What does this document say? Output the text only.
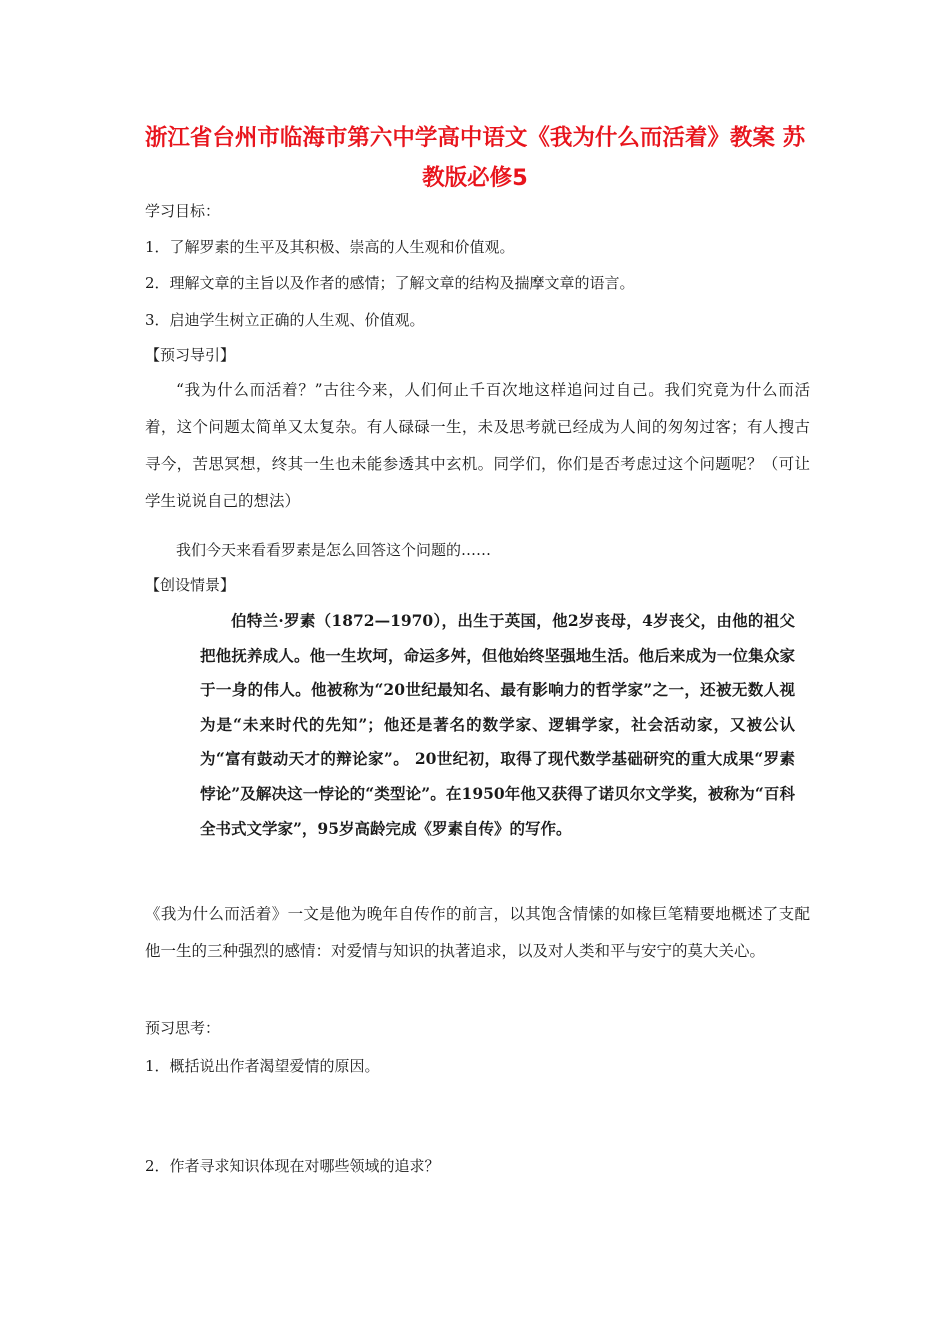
浙江省台州市临海市第六中学高中语文《我为什么而活着》教案 苏教版必修5
学习目标：
1．了解罗素的生平及其积极、崇高的人生观和价值观。
2．理解文章的主旨以及作者的感情；了解文章的结构及揣摩文章的语言。
3．启迪学生树立正确的人生观、价值观。
【预习导引】
“我为什么而活着？”古往今来，人们何止千百次地这样追问过自己。我们究竟为什么而活着，这个问题太简单又太复杂。有人碌碌一生，未及思考就已经成为人间的匆匆过客；有人搜古寻今，苦思冥想，终其一生也未能参透其中玄机。同学们，你们是否考虑过这个问题呢？（可让学生说说自己的想法）
我们今天来看看罗素是怎么回答这个问题的……
【创设情景】
伯特兰·罗素（1872—1970），出生于英国，他2岁丧母，4岁丧父，由他的祖父把他抚养成人。他一生坎坷，命运多舛，但他始终坚强地生活。他后来成为一位集众家于一身的伟人。他被称为“20世纪最知名、最有影响力的哲学家”之一，还被无数人视为是“未来时代的先知”；他还是著名的数学家、逻辑学家，社会活动家，又被公认为“富有鼓动天才的辩论家”。 20世纪初，取得了现代数学基础研究的重大成果“罗素悖论”及解决这一悖论的“类型论”。在1950年他又获得了诺贝尔文学奖，被称为“百科全书式文学家”，95岁高龄完成《罗素自传》的写作。
《我为什么而活着》一文是他为晚年自传作的前言，以其饱含情愫的如椽巨笔精要地概述了支配他一生的三种强烈的感情：对爱情与知识的执著追求，以及对人类和平与安宁的莫大关心。
预习思考：
1．概括说出作者渴望爱情的原因。
2．作者寻求知识体现在对哪些领域的追求？
